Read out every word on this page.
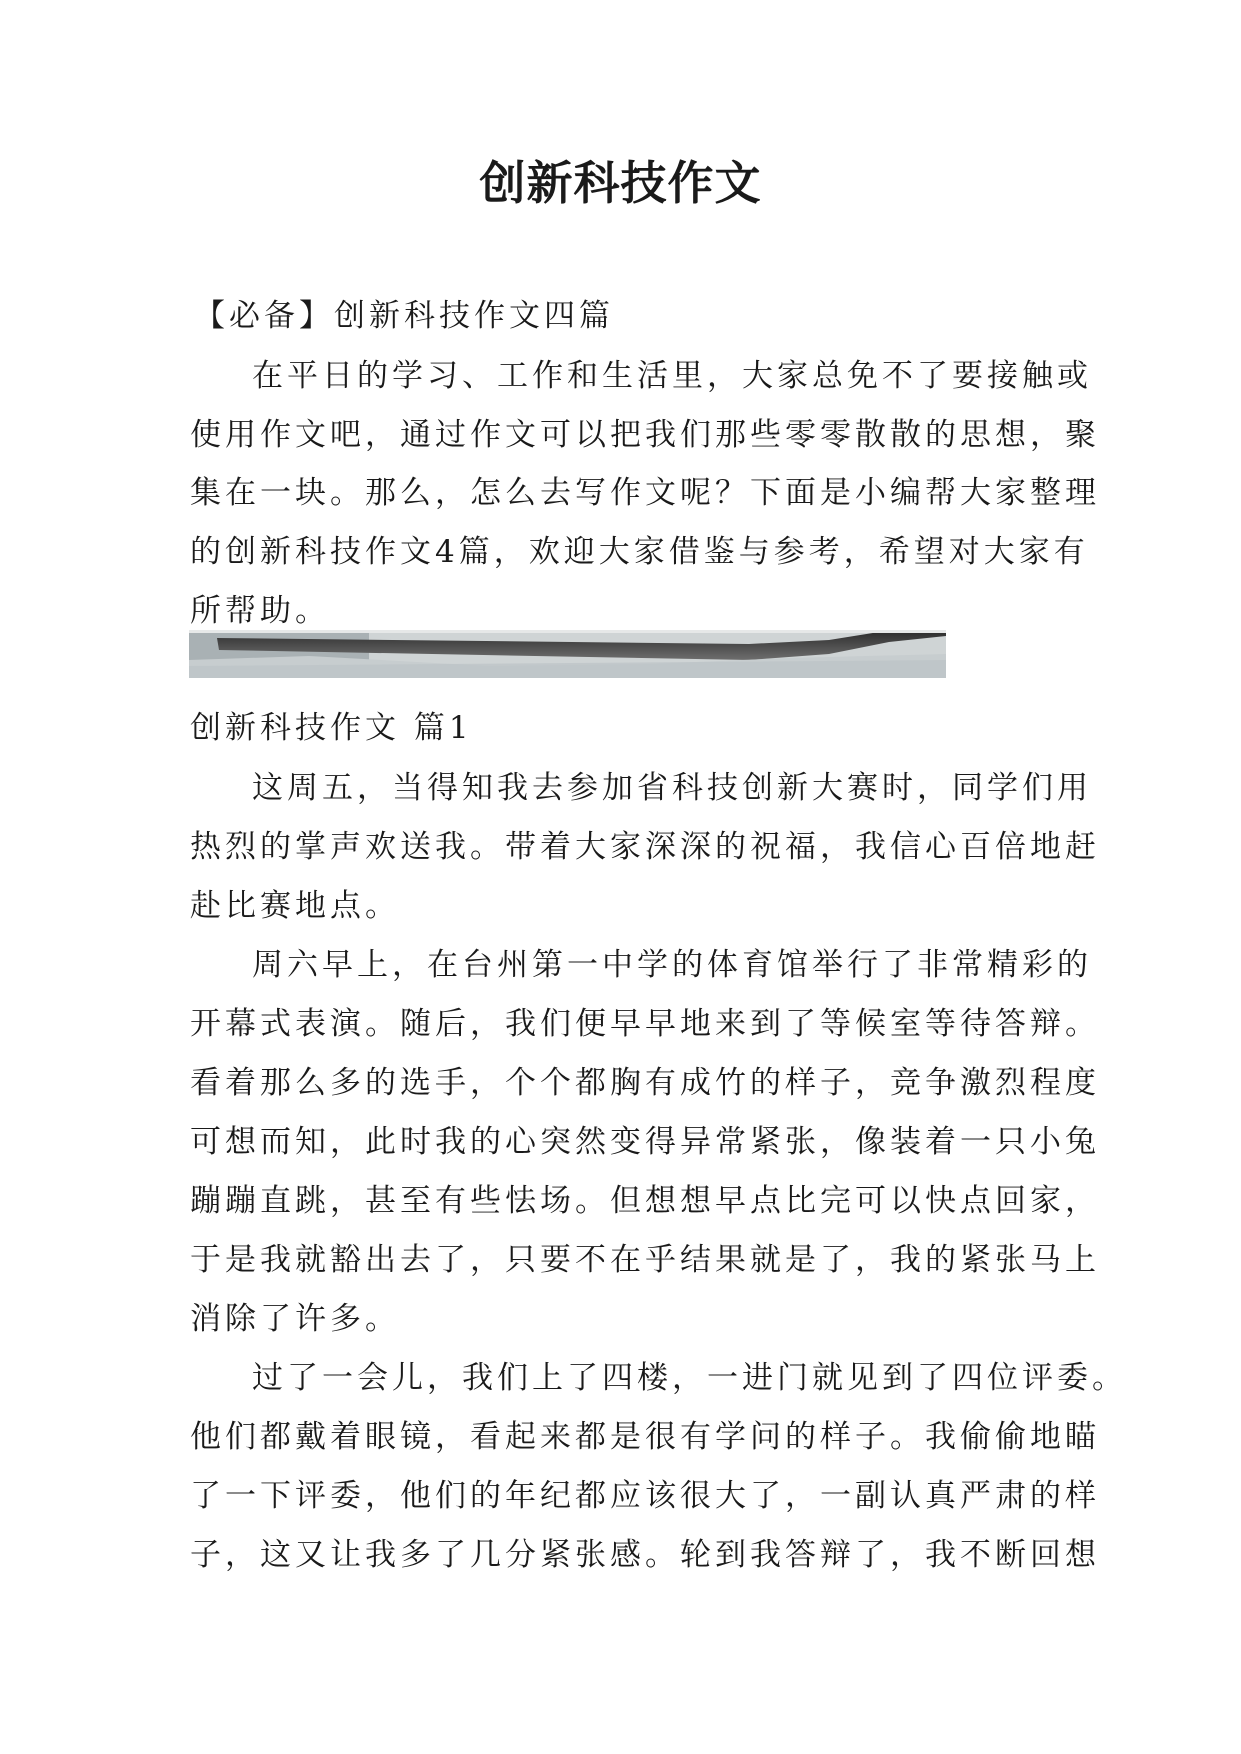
创新科技作文

【必备】创新科技作文四篇

在平日的学习、工作和生活里，大家总免不了要接触或

使用作文吧，通过作文可以把我们那些零零散散的思想，聚

集在一块。那么，怎么去写作文呢？下面是小编帮大家整理

的创新科技作文4篇，欢迎大家借鉴与参考，希望对大家有

所帮助。

创新科技作文 篇1

这周五，当得知我去参加省科技创新大赛时，同学们用

热烈的掌声欢送我。带着大家深深的祝福，我信心百倍地赶

赴比赛地点。

周六早上，在台州第一中学的体育馆举行了非常精彩的

开幕式表演。随后，我们便早早地来到了等候室等待答辩。

看着那么多的选手，个个都胸有成竹的样子，竞争激烈程度

可想而知，此时我的心突然变得异常紧张，像装着一只小兔

蹦蹦直跳，甚至有些怯场。但想想早点比完可以快点回家，

于是我就豁出去了，只要不在乎结果就是了，我的紧张马上

消除了许多。

过了一会儿，我们上了四楼，一进门就见到了四位评委。

他们都戴着眼镜，看起来都是很有学问的样子。我偷偷地瞄

了一下评委，他们的年纪都应该很大了，一副认真严肃的样

子，这又让我多了几分紧张感。轮到我答辩了，我不断回想
